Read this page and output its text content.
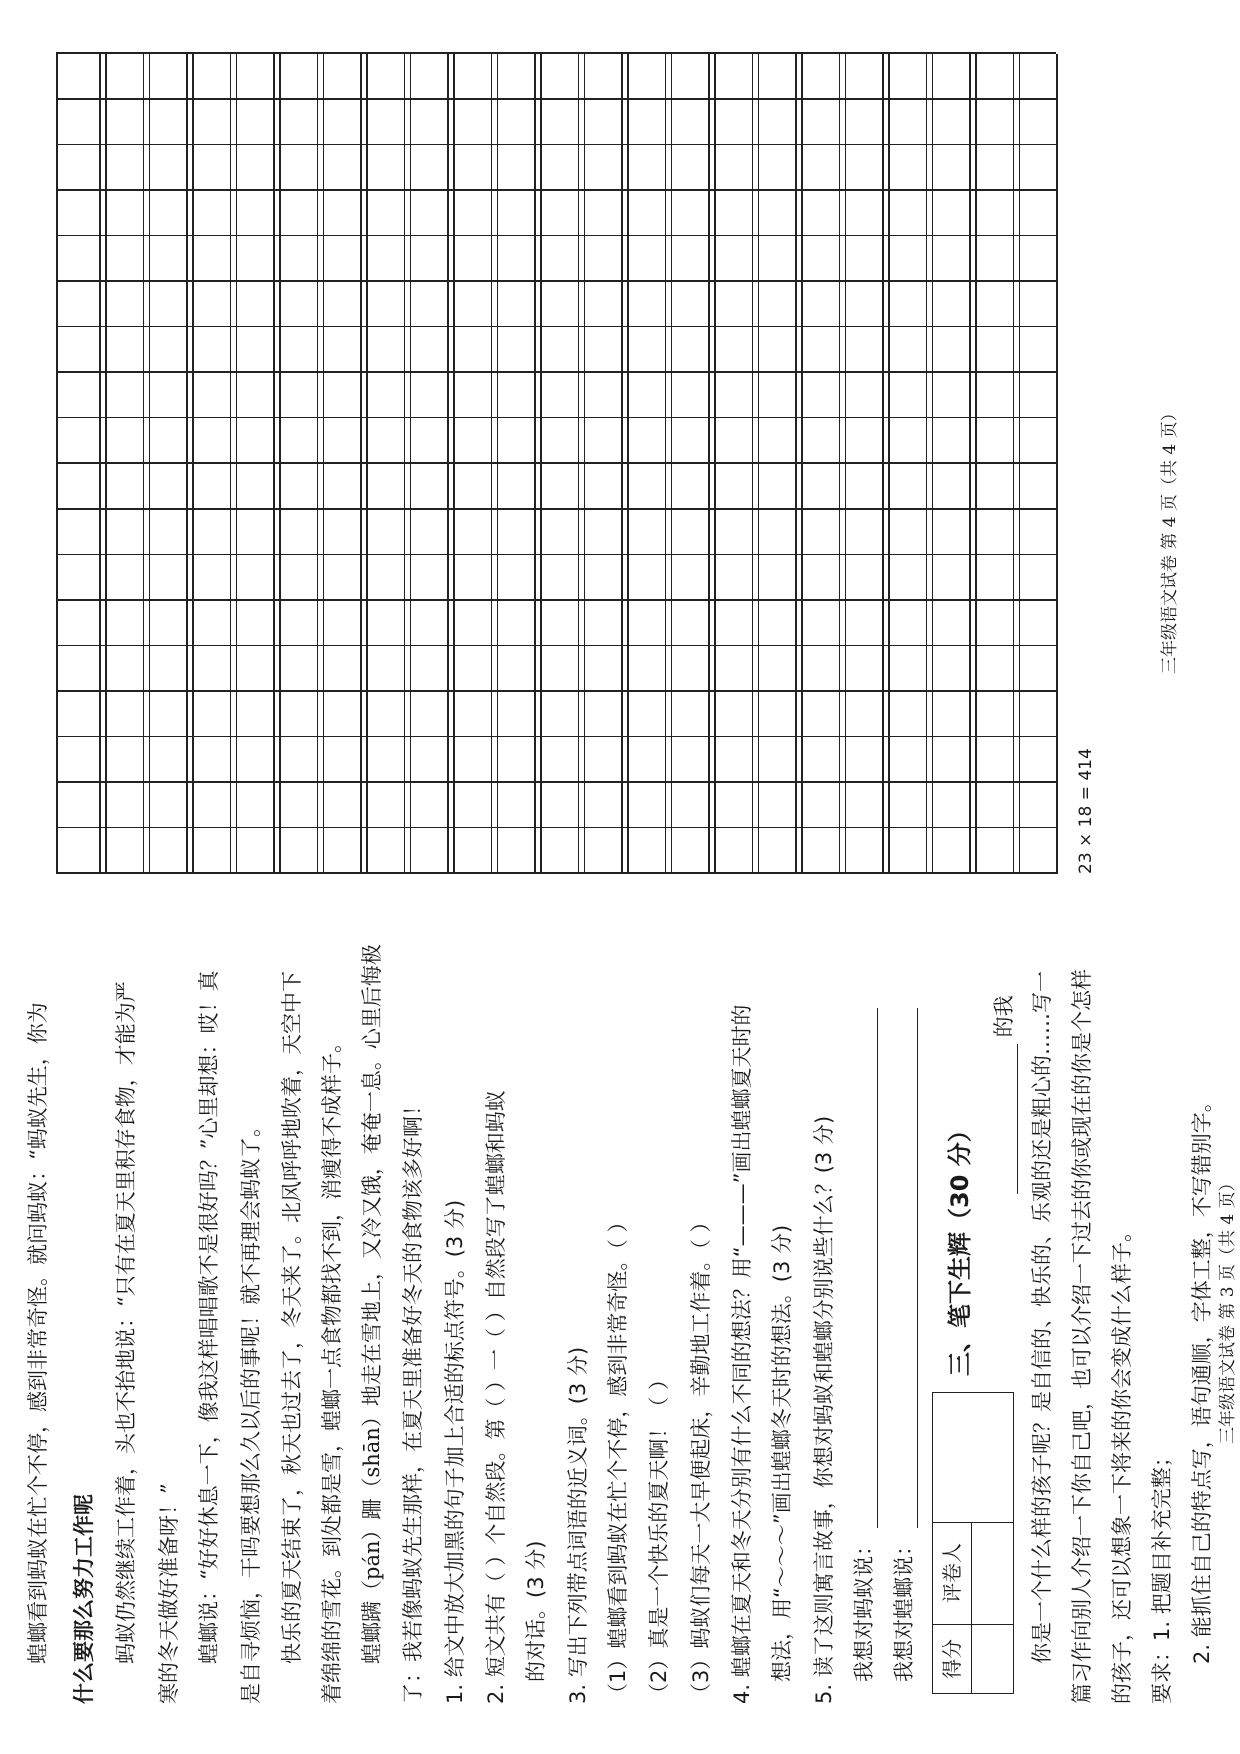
蝗螂看到蚂蚁在忙个不停，感到非常奇怪。就问蚂蚁：“蚂蚁先生，你为 什么要那么努力工作呢 蚂蚁仍然继续工作着，头也不抬地说：“只有在夏天里积存食物，才能为严 寒的冬天做好准备呀！” 蝗螂说：“好好休息一下，像我这样唱唱歌不是很好吗？”心里却想：哎！真 是自寻烦恼，干吗要想那么久以后的事呢！就不再理会蚂蚁了。 快乐的夏天结束了，秋天也过去了，冬天来了。北风呼呼地吹着，天空中下 着绵绵的雪花。到处都是雪，蝗螂一点食物都找不到，消瘦得不成样子。 蝗螂蹒（pán）跚（shān）地走在雪地上，又冷又饿，奄奄一息。心里后悔极 了：我若像蚂蚁先生那样，在夏天里准备好冬天的食物该多好啊！ 1. 给文中放大加黑的句子加上合适的标点符号。(3 分) 2. 短文共有（ ）个自然段。第（ ）一（ ）自然段写了蝗螂和蚂蚁 的对话。(3 分) 3. 写出下列带点词语的近义词。(3 分) （1）蝗螂看到蚂蚁在忙个不停，感到非常奇怪。（ ） （2）真是一个快乐的夏天啊！（ ） （3）蚂蚁们每天一大早便起床，辛勤地工作着。（ ） 4. 蝗螂在夏天和冬天分别有什么不同的想法？用“———”画出蝗螂夏天时的 想法，用“～～～”画出蝗螂冬天时的想法。(3 分) 5. 读了这则寓言故事，你想对蚂蚁和蝗螂分别说些什么？(3 分) 我想对蚂蚁说： 我想对蝗螂说：	得分
评卷人
三、笔下生辉（30 分）
的我 你是一个什么样的孩子呢？是自信的、快乐的、乐观的还是粗心的……写一 篇习作向别人介绍一下你自己吧，也可以介绍一下过去的你或现在的你是个怎样 的孩子，还可以想象一下将来的你会变成什么样子。 要求：1. 把题目补充完整； 2. 能抓住自己的特点写，语句通顺，字体工整，不写错别字。
23 × 18 = 414
三年级语文试卷 第 3 页（共 4 页）
三年级语文试卷 第 4 页（共 4 页）
